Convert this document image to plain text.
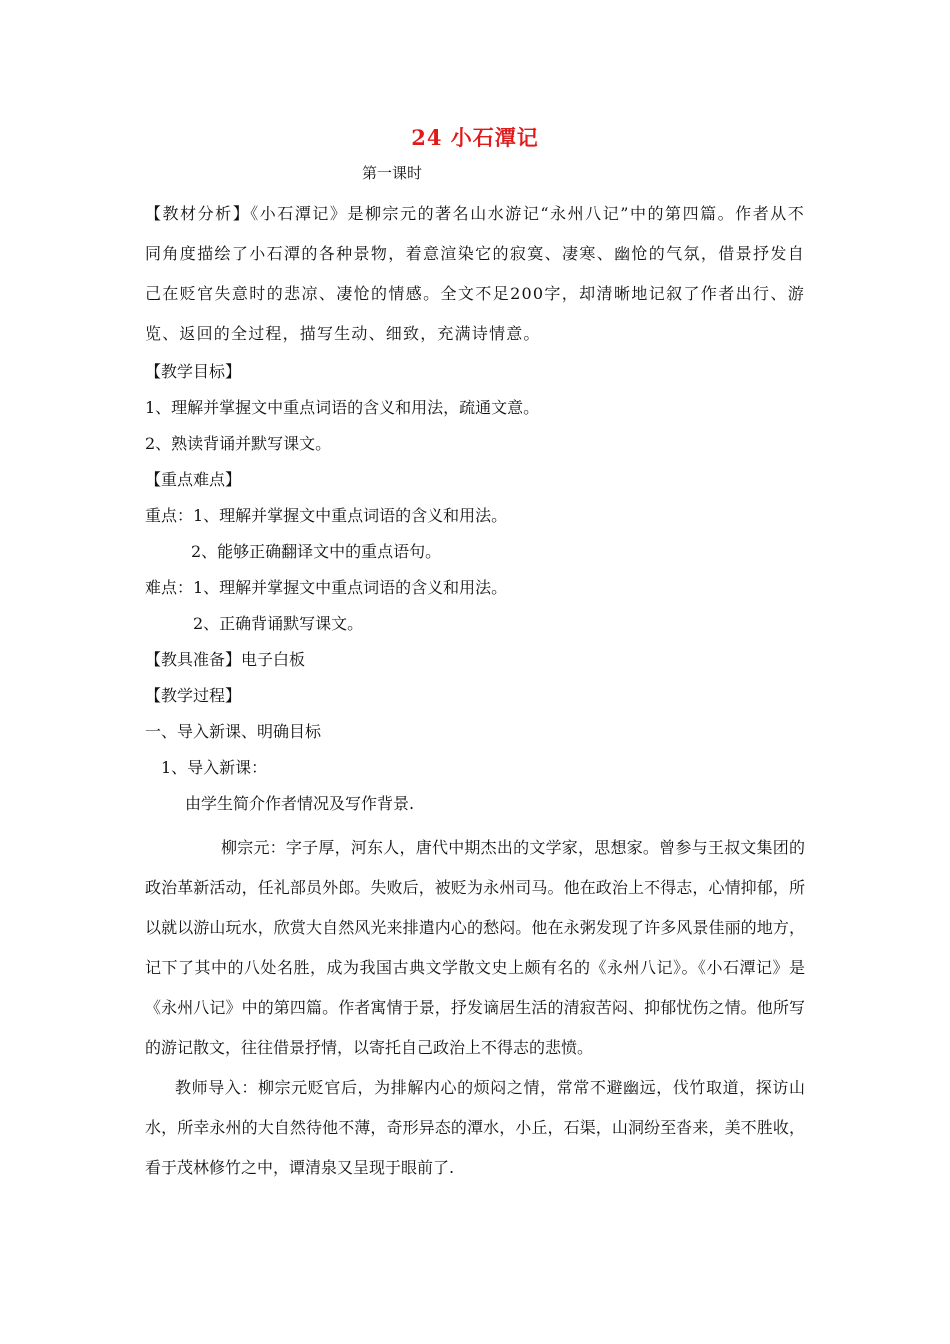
24 小石潭记
第一课时

【教材分析】《小石潭记》是柳宗元的著名山水游记“永州八记”中的第四篇。作者从不同角度描绘了小石潭的各种景物，着意渲染它的寂寞、凄寒、幽怆的气氛，借景抒发自己在贬官失意时的悲凉、凄怆的情感。全文不足200字，却清晰地记叙了作者出行、游览、返回的全过程，描写生动、细致，充满诗情意。

【教学目标】

1、理解并掌握文中重点词语的含义和用法，疏通文意。

2、熟读背诵并默写课文。

【重点难点】

重点：1、理解并掌握文中重点词语的含义和用法。

2、能够正确翻译文中的重点语句。

难点：1、理解并掌握文中重点词语的含义和用法。

2、正确背诵默写课文。

【教具准备】电子白板

【教学过程】

一、导入新课、明确目标

1、导入新课：

由学生简介作者情况及写作背景.

柳宗元：字子厚，河东人，唐代中期杰出的文学家，思想家。曾参与王叔文集团的政治革新活动，任礼部员外郎。失败后，被贬为永州司马。他在政治上不得志，心情抑郁，所以就以游山玩水，欣赏大自然风光来排遣内心的愁闷。他在永粥发现了许多风景佳丽的地方，记下了其中的八处名胜，成为我国古典文学散文史上颇有名的《永州八记》。《小石潭记》是《永州八记》中的第四篇。作者寓情于景，抒发谪居生活的清寂苦闷、抑郁忧伤之情。他所写的游记散文，往往借景抒情，以寄托自己政治上不得志的悲愤。

教师导入：柳宗元贬官后，为排解内心的烦闷之情，常常不避幽远，伐竹取道，探访山水，所幸永州的大自然待他不薄，奇形异态的潭水，小丘，石渠，山洞纷至沓来，美不胜收，看于茂林修竹之中，谭清泉又呈现于眼前了.
